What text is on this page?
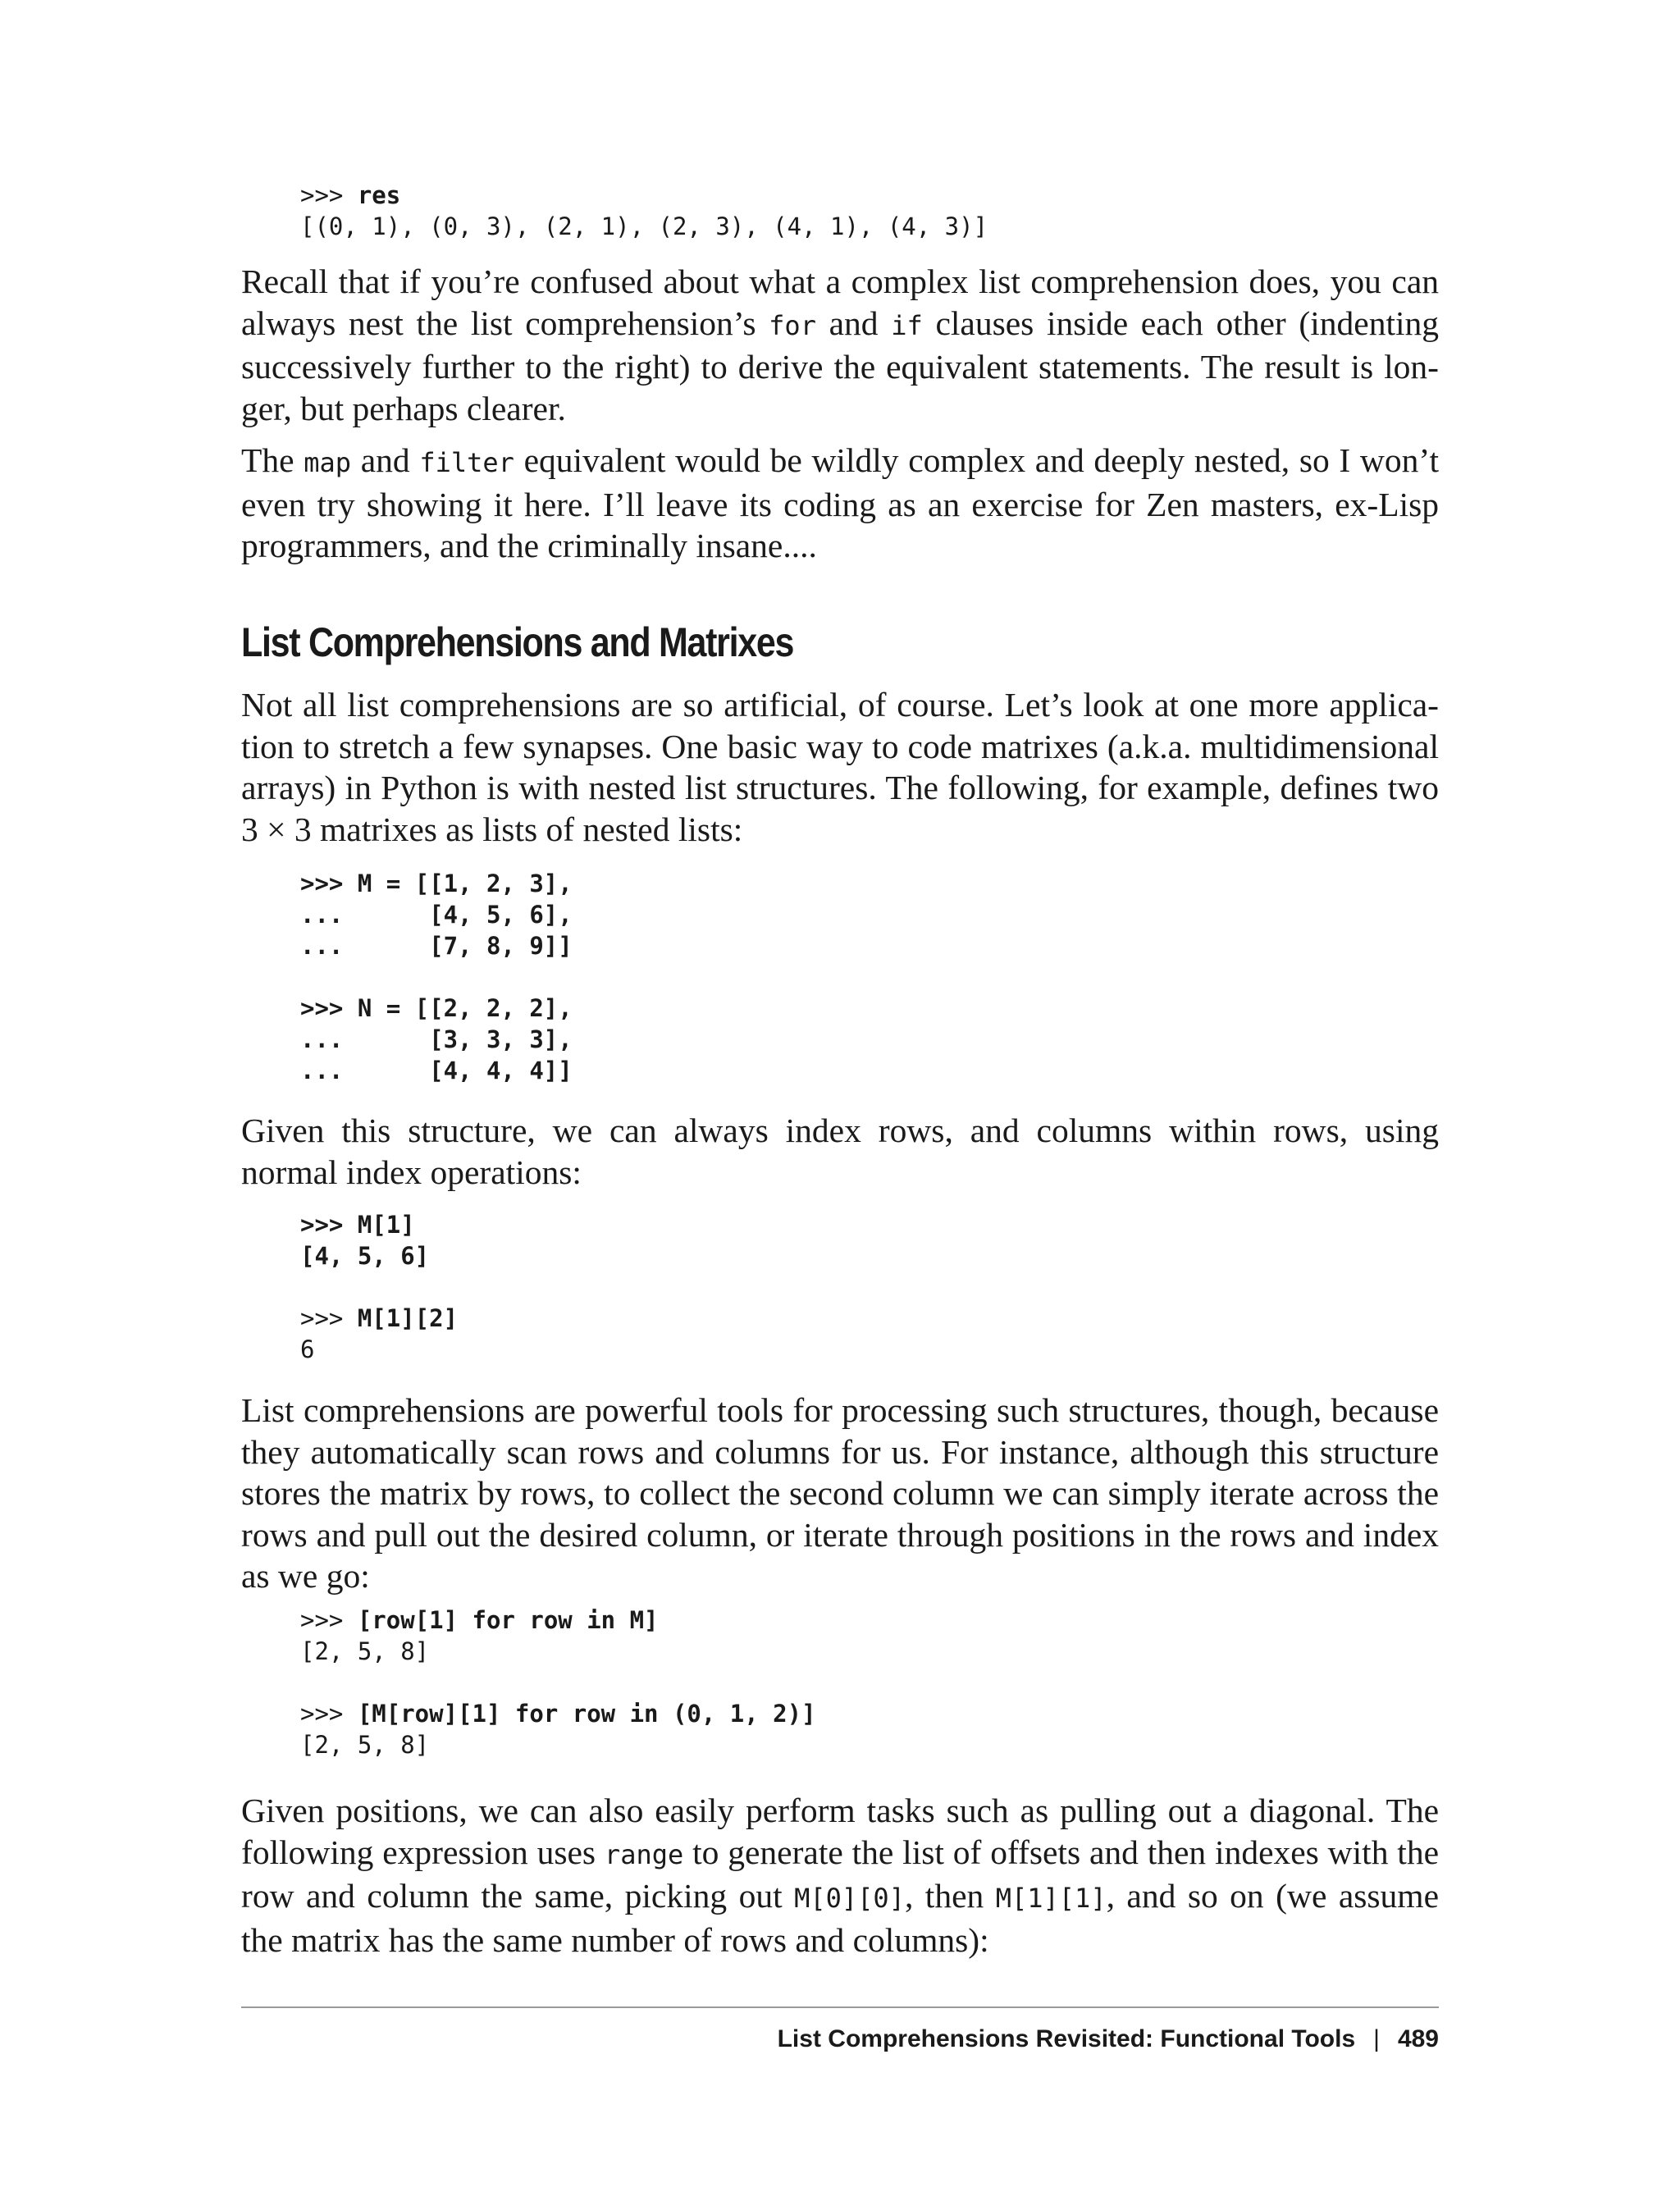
>>> res
[(0, 1), (0, 3), (2, 1), (2, 3), (4, 1), (4, 3)]

Recall that if you’re confused about what a complex list comprehension does, you can always nest the list comprehension’s for and if clauses inside each other (indenting successively further to the right) to derive the equivalent statements. The result is longer, but perhaps clearer.

The map and filter equivalent would be wildly complex and deeply nested, so I won’t even try showing it here. I’ll leave its coding as an exercise for Zen masters, ex-Lisp programmers, and the criminally insane....

List Comprehensions and Matrixes

Not all list comprehensions are so artificial, of course. Let’s look at one more application to stretch a few synapses. One basic way to code matrixes (a.k.a. multidimensional arrays) in Python is with nested list structures. The following, for example, defines two 3 × 3 matrixes as lists of nested lists:

>>> M = [[1, 2, 3],
...      [4, 5, 6],
...      [7, 8, 9]]

>>> N = [[2, 2, 2],
...      [3, 3, 3],
...      [4, 4, 4]]

Given this structure, we can always index rows, and columns within rows, using normal index operations:

>>> M[1]
[4, 5, 6]

>>> M[1][2]
6

List comprehensions are powerful tools for processing such structures, though, because they automatically scan rows and columns for us. For instance, although this structure stores the matrix by rows, to collect the second column we can simply iterate across the rows and pull out the desired column, or iterate through positions in the rows and index as we go:

>>> [row[1] for row in M]
[2, 5, 8]

>>> [M[row][1] for row in (0, 1, 2)]
[2, 5, 8]

Given positions, we can also easily perform tasks such as pulling out a diagonal. The following expression uses range to generate the list of offsets and then indexes with the row and column the same, picking out M[0][0], then M[1][1], and so on (we assume the matrix has the same number of rows and columns):

List Comprehensions Revisited: Functional Tools | 489
